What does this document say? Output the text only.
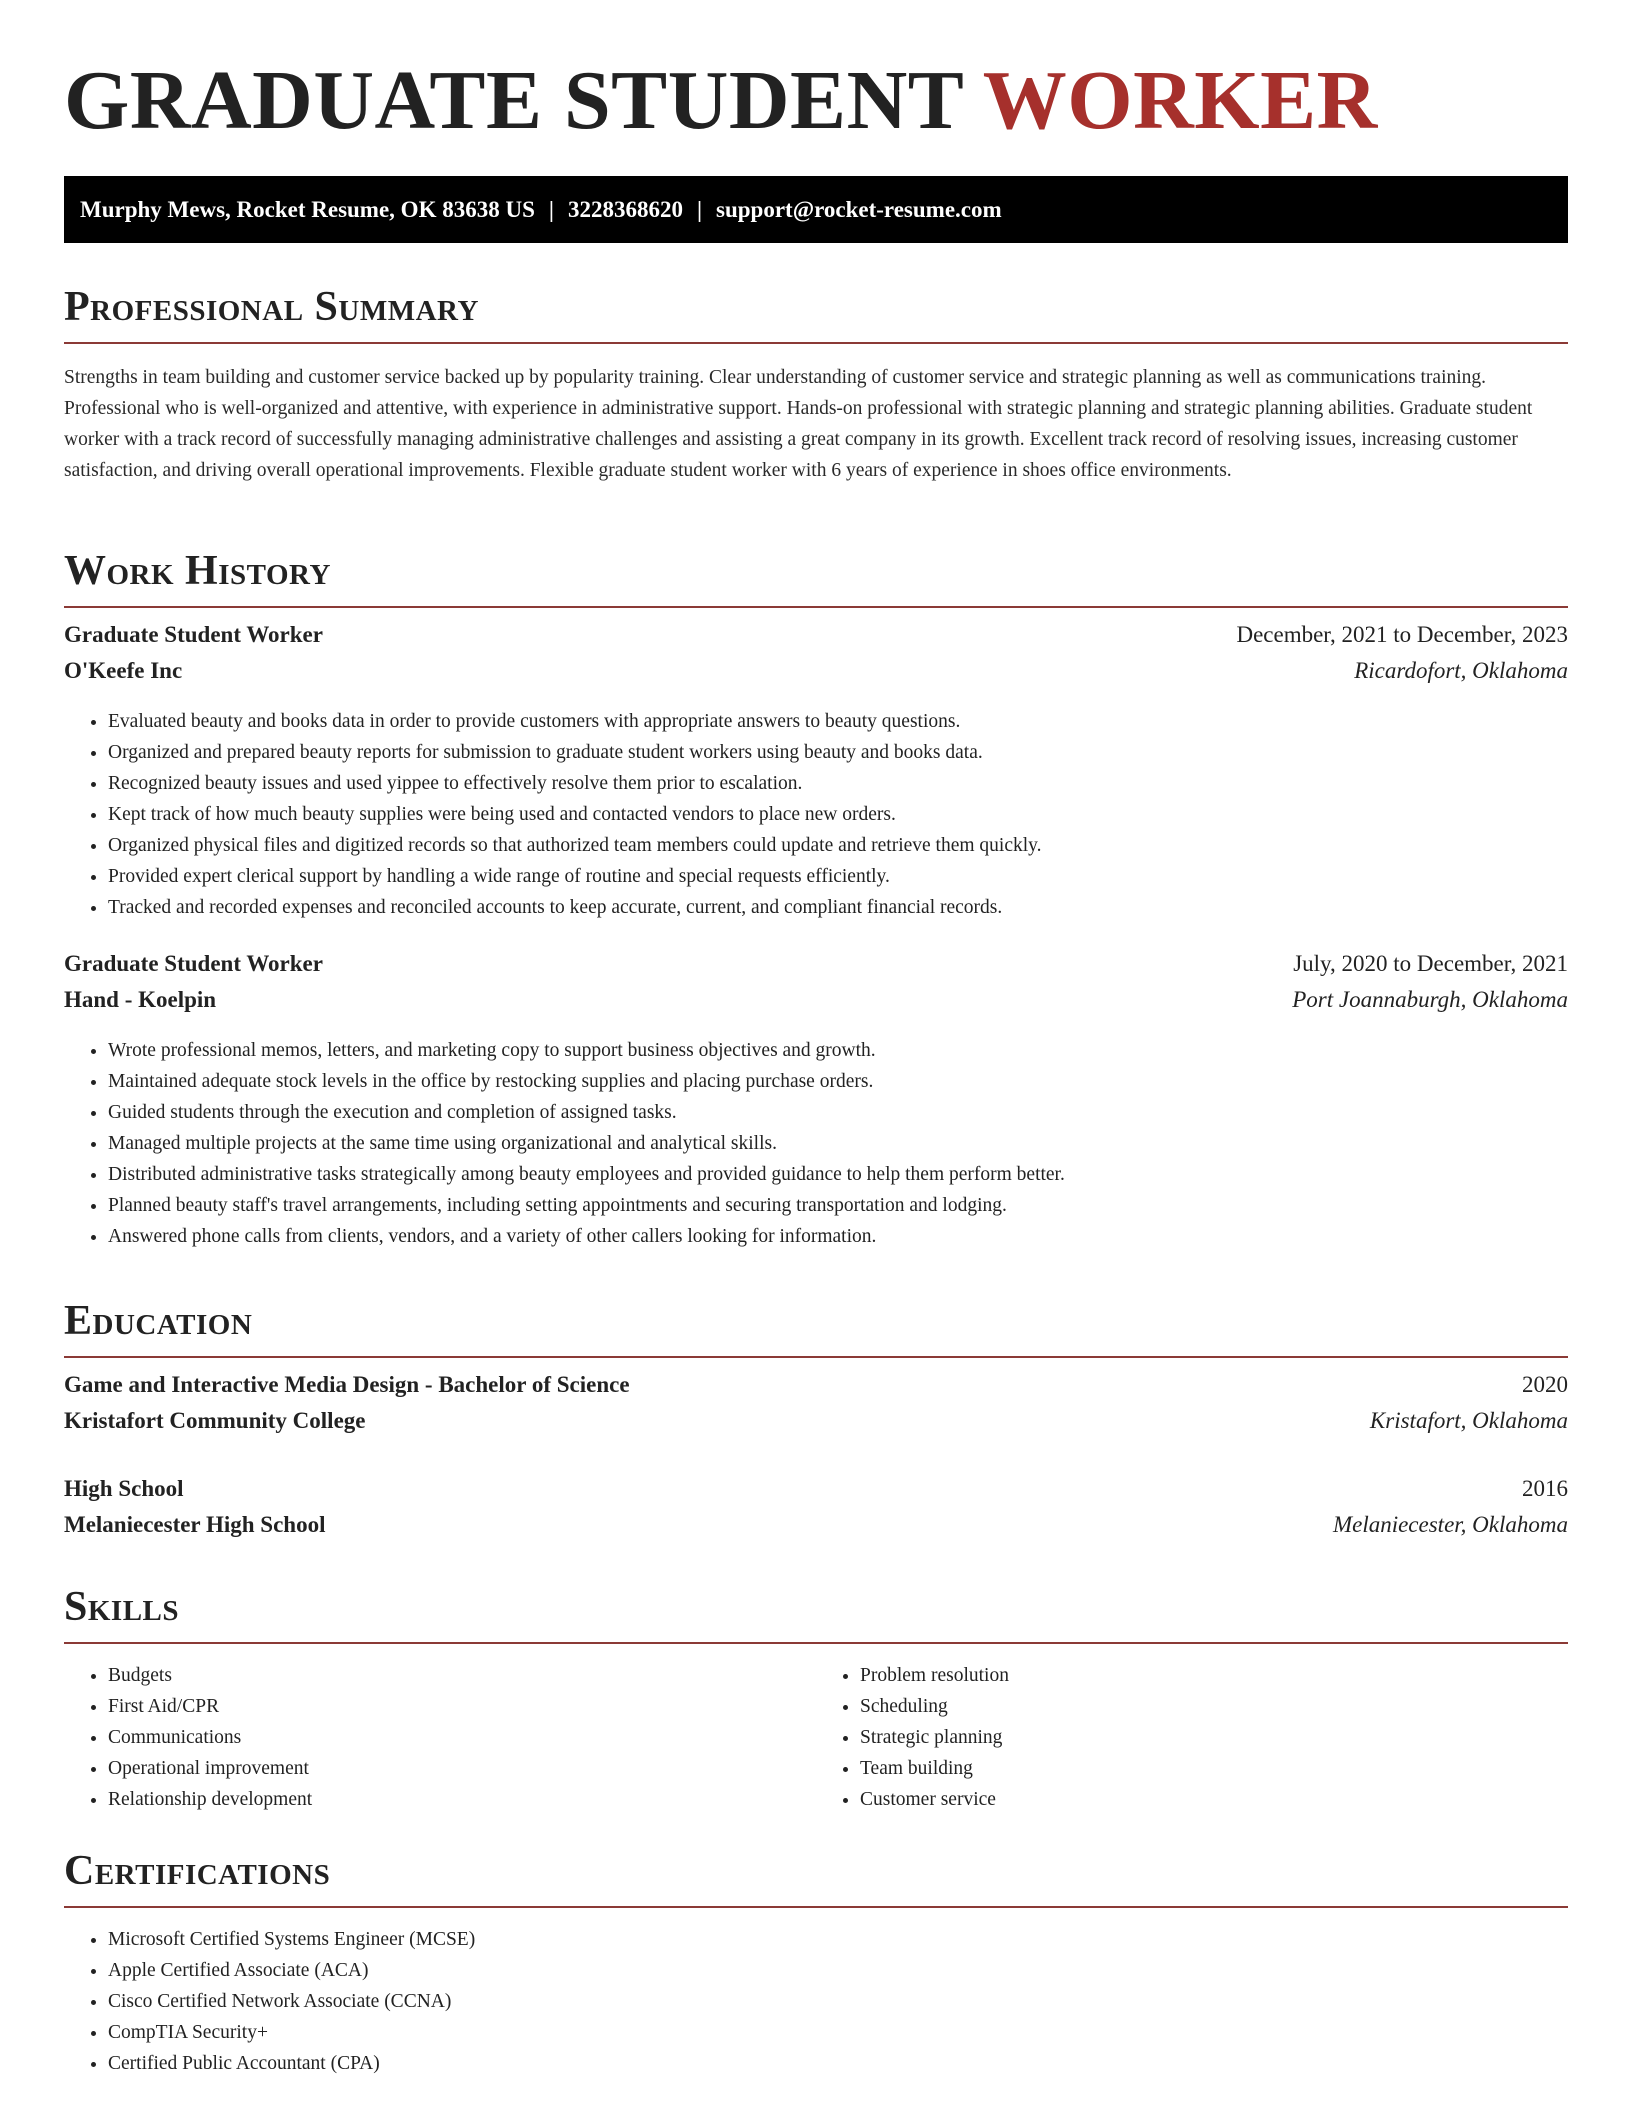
GRADUATE STUDENT WORKER
Murphy Mews, Rocket Resume, OK 83638 US | 3228368620 | support@rocket-resume.com
Professional Summary

Strengths in team building and customer service backed up by popularity training. Clear understanding of customer service and strategic planning as well as communications training. Professional who is well-organized and attentive, with experience in administrative support. Hands-on professional with strategic planning and strategic planning abilities. Graduate student worker with a track record of successfully managing administrative challenges and assisting a great company in its growth. Excellent track record of resolving issues, increasing customer satisfaction, and driving overall operational improvements. Flexible graduate student worker with 6 years of experience in shoes office environments.

Work History
Graduate Student Worker	December, 2021 to December, 2023
O'Keefe Inc	Ricardofort, Oklahoma
• Evaluated beauty and books data in order to provide customers with appropriate answers to beauty questions.
• Organized and prepared beauty reports for submission to graduate student workers using beauty and books data.
• Recognized beauty issues and used yippee to effectively resolve them prior to escalation.
• Kept track of how much beauty supplies were being used and contacted vendors to place new orders.
• Organized physical files and digitized records so that authorized team members could update and retrieve them quickly.
• Provided expert clerical support by handling a wide range of routine and special requests efficiently.
• Tracked and recorded expenses and reconciled accounts to keep accurate, current, and compliant financial records.
Graduate Student Worker	July, 2020 to December, 2021
Hand - Koelpin	Port Joannaburgh, Oklahoma
• Wrote professional memos, letters, and marketing copy to support business objectives and growth.
• Maintained adequate stock levels in the office by restocking supplies and placing purchase orders.
• Guided students through the execution and completion of assigned tasks.
• Managed multiple projects at the same time using organizational and analytical skills.
• Distributed administrative tasks strategically among beauty employees and provided guidance to help them perform better.
• Planned beauty staff's travel arrangements, including setting appointments and securing transportation and lodging.
• Answered phone calls from clients, vendors, and a variety of other callers looking for information.
Education
Game and Interactive Media Design - Bachelor of Science	2020
Kristafort Community College	Kristafort, Oklahoma
High School	2016
Melaniecester High School	Melaniecester, Oklahoma
Skills
• Budgets
• First Aid/CPR
• Communications
• Operational improvement
• Relationship development
• Problem resolution
• Scheduling
• Strategic planning
• Team building
• Customer service
Certifications
• Microsoft Certified Systems Engineer (MCSE)
• Apple Certified Associate (ACA)
• Cisco Certified Network Associate (CCNA)
• CompTIA Security+
• Certified Public Accountant (CPA)
